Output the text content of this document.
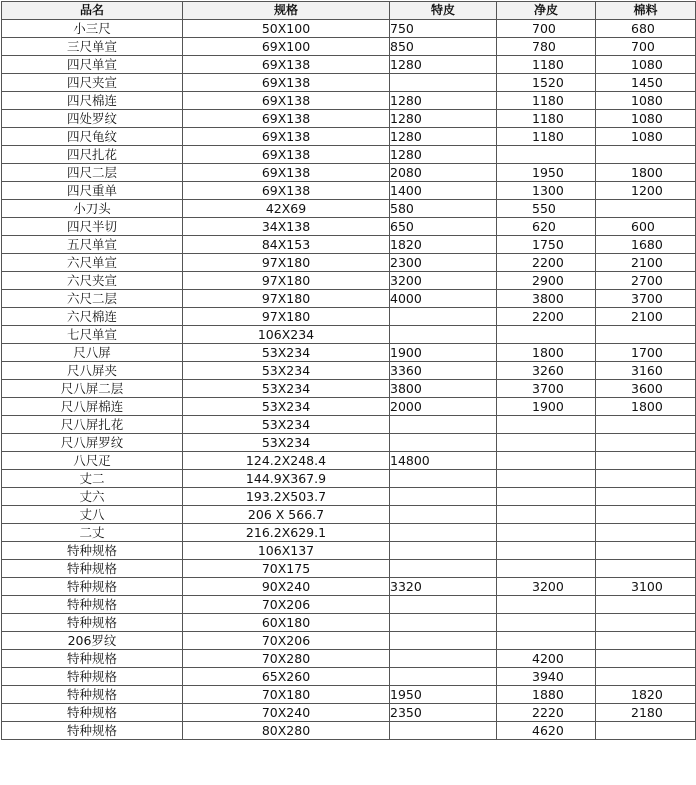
品名	规格	特皮	净皮	棉料
小三尺	50X100	750	700	680
三尺单宣	69X100	850	780	700
四尺单宣	69X138	1280	1180	1080
四尺夹宣	69X138		1520	1450
四尺棉连	69X138	1280	1180	1080
四处罗纹	69X138	1280	1180	1080
四尺龟纹	69X138	1280	1180	1080
四尺扎花	69X138	1280		
四尺二层	69X138	2080	1950	1800
四尺重单	69X138	1400	1300	1200
小刀头	42X69	580	550	
四尺半切	34X138	650	620	600
五尺单宣	84X153	1820	1750	1680
六尺单宣	97X180	2300	2200	2100
六尺夹宣	97X180	3200	2900	2700
六尺二层	97X180	4000	3800	3700
六尺棉连	97X180		2200	2100
七尺单宣	106X234			
尺八屏	53X234	1900	1800	1700
尺八屏夹	53X234	3360	3260	3160
尺八屏二层	53X234	3800	3700	3600
尺八屏棉连	53X234	2000	1900	1800
尺八屏扎花	53X234			
尺八屏罗纹	53X234			
八尺疋	124.2X248.4	14800		
丈二	144.9X367.9			
丈六	193.2X503.7			
丈八	206 X 566.7			
二丈	216.2X629.1			
特种规格	106X137			
特种规格	70X175			
特种规格	90X240	3320	3200	3100
特种规格	70X206			
特种规格	60X180			
206罗纹	70X206			
特种规格	70X280		4200	
特种规格	65X260		3940	
特种规格	70X180	1950	1880	1820
特种规格	70X240	2350	2220	2180
特种规格	80X280		4620	
